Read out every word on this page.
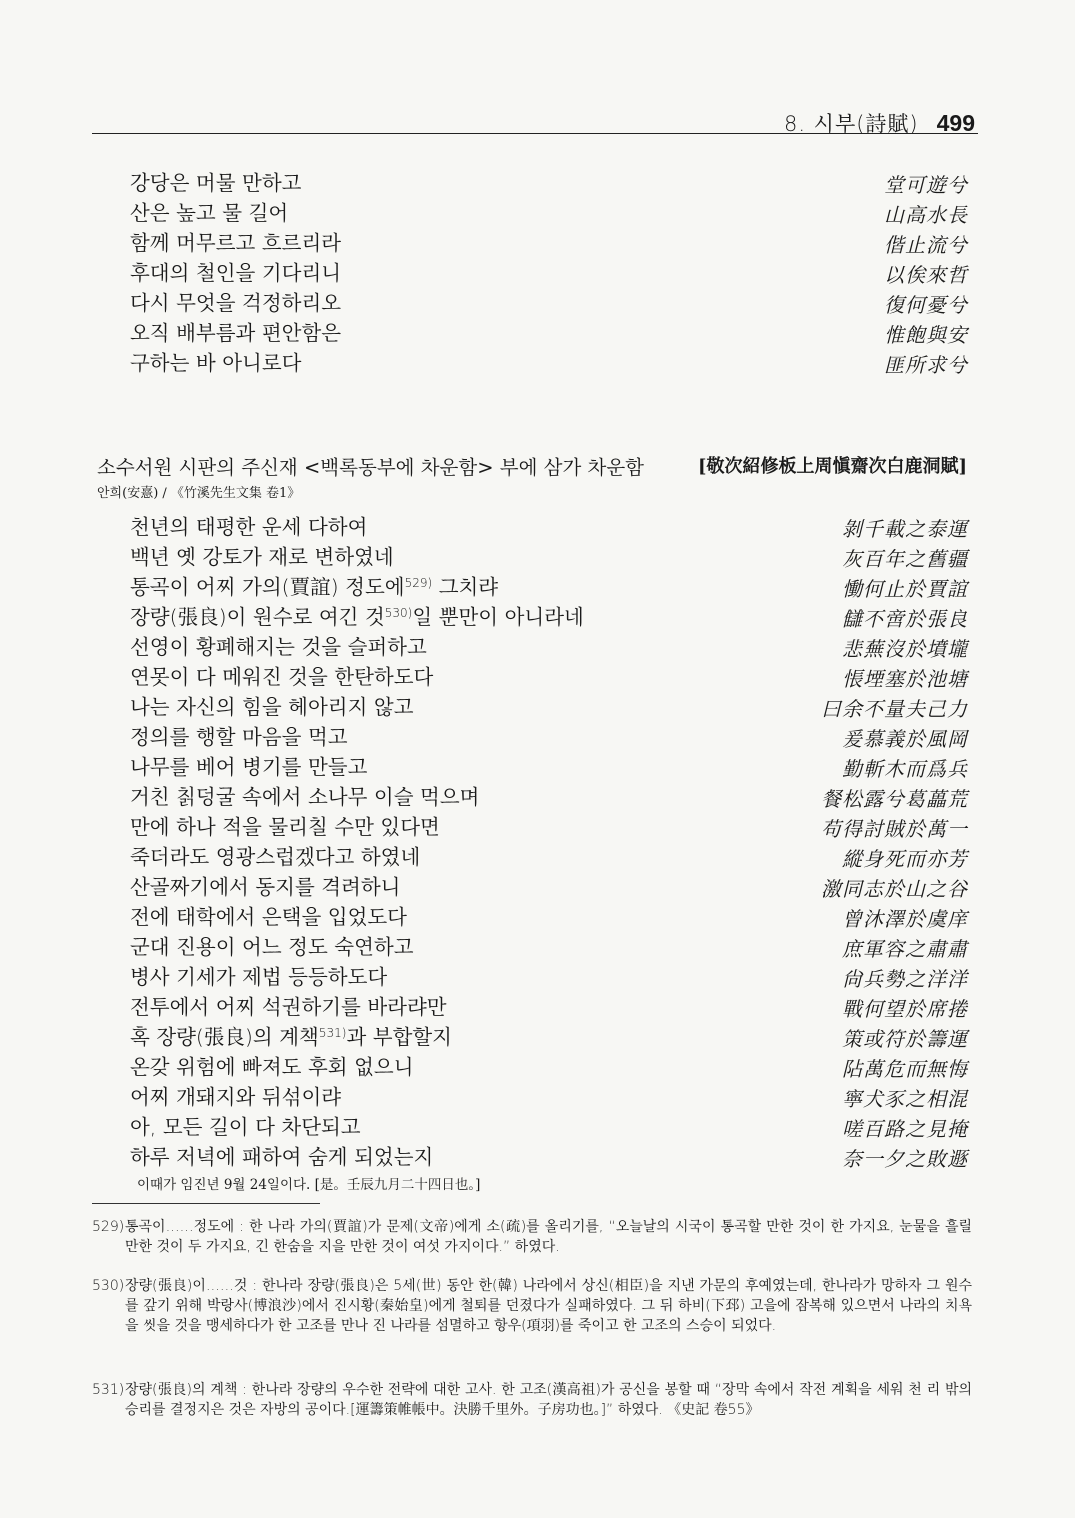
8. 시부(詩賦) 499
강당은 머물 만하고	堂可遊兮
산은 높고 물 길어	山高水長
함께 머무르고 흐르리라	偕止流兮
후대의 철인을 기다리니	以俟來哲
다시 무엇을 걱정하리오	復何憂兮
오직 배부름과 편안함은	惟飽與安
구하는 바 아니로다	匪所求兮
소수서원 시판의 주신재 <백록동부에 차운함> 부에 삼가 차운함	[敬次紹修板上周愼齋次白鹿洞賦]
안희(安憙) / 《竹溪先生文集 卷1》
천년의 태평한 운세 다하여	剝千載之泰運
백년 옛 강토가 재로 변하였네	灰百年之舊疆
통곡이 어찌 가의(賈誼) 정도에$^{529)}$ 그치랴	慟何止於賈誼
장량(張良)이 원수로 여긴 것$^{530)}$일 뿐만이 아니라네	讎不啻於張良
선영이 황폐해지는 것을 슬퍼하고	悲蕪沒於墳壠
연못이 다 메워진 것을 한탄하도다	悵堙塞於池塘
나는 자신의 힘을 헤아리지 않고	曰余不量夫己力
정의를 행할 마음을 먹고	爰慕義於風岡
나무를 베어 병기를 만들고	勤斬木而爲兵
거친 칡덩굴 속에서 소나무 이슬 먹으며	餐松露兮葛藟荒
만에 하나 적을 물리칠 수만 있다면	苟得討賊於萬一
죽더라도 영광스럽겠다고 하였네	縱身死而亦芳
산골짜기에서 동지를 격려하니	激同志於山之谷
전에 태학에서 은택을 입었도다	曾沐澤於虞庠
군대 진용이 어느 정도 숙연하고	庶軍容之肅肅
병사 기세가 제법 등등하도다	尙兵勢之洋洋
전투에서 어찌 석권하기를 바라랴만	戰何望於席捲
혹 장량(張良)의 계책$^{531)}$과 부합할지	策或符於籌運
온갖 위험에 빠져도 후회 없으니	阽萬危而無悔
어찌 개돼지와 뒤섞이랴	寧犬豕之相混
아, 모든 길이 다 차단되고	嗟百路之見掩
하루 저녁에 패하여 숨게 되었는지	奈一夕之敗遯
이때가 임진년 9월 24일이다. [是。壬辰九月二十四日也。]
529) 통곡이……정도에 : 한 나라 가의(賈誼)가 문제(文帝)에게 소(疏)를 올리기를, “오늘날의 시국이 통곡할 만한 것이 한 가지요, 눈물을 흘릴 만한 것이 두 가지요, 긴 한숨을 지을 만한 것이 여섯 가지이다.” 하였다.
530) 장량(張良)이……것 : 한나라 장량(張良)은 5세(世) 동안 한(韓) 나라에서 상신(相臣)을 지낸 가문의 후예였는데, 한나라가 망하자 그 원수를 갚기 위해 박랑사(博浪沙)에서 진시황(秦始皇)에게 철퇴를 던졌다가 실패하였다. 그 뒤 하비(下邳) 고을에 잠복해 있으면서 나라의 치욕을 씻을 것을 맹세하다가 한 고조를 만나 진 나라를 섬멸하고 항우(項羽)를 죽이고 한 고조의 스승이 되었다.
531) 장량(張良)의 계책 : 한나라 장량의 우수한 전략에 대한 고사. 한 고조(漢高祖)가 공신을 봉할 때 “장막 속에서 작전 계획을 세워 천 리 밖의 승리를 결정지은 것은 자방의 공이다.[運籌策帷帳中。決勝千里外。子房功也。]” 하였다. 《史記 卷55》
